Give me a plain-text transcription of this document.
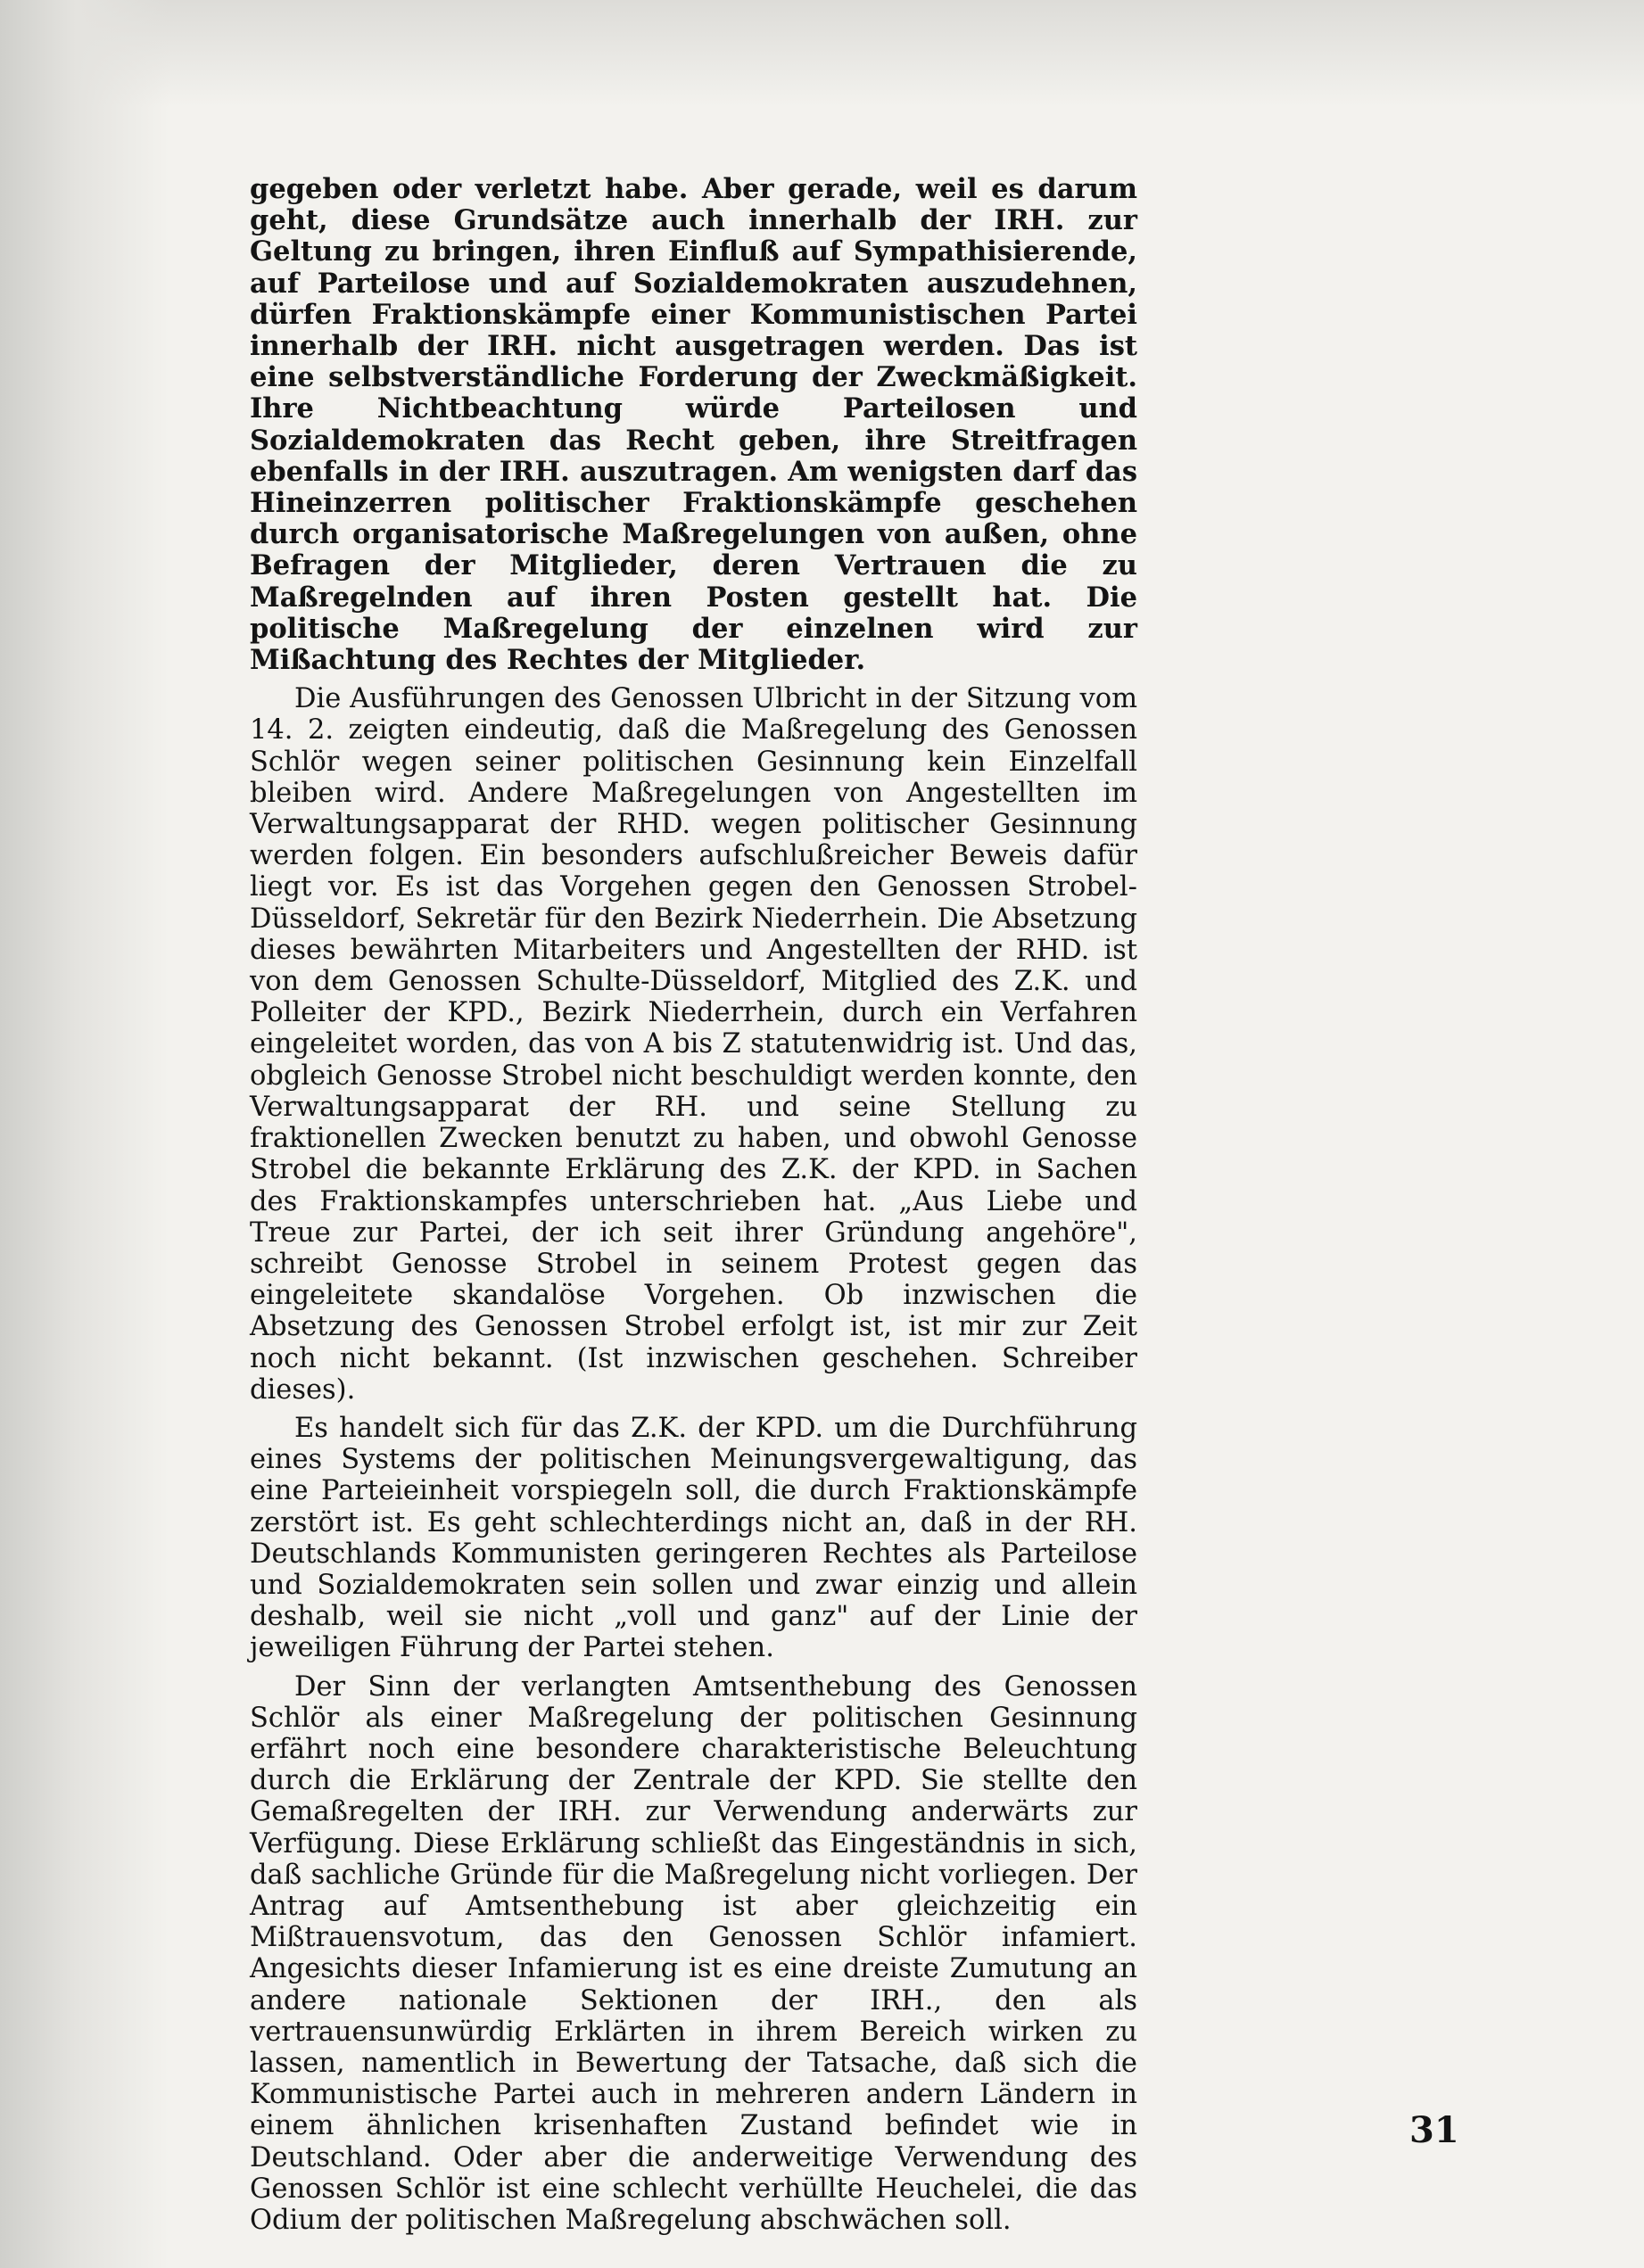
gegeben oder verletzt habe. Aber gerade, weil es darum geht, diese Grundsätze auch innerhalb der IRH. zur Geltung zu bringen, ihren Einfluß auf Sympathisierende, auf Parteilose und auf Sozialdemokraten auszudehnen, dürfen Fraktionskämpfe einer Kommunistischen Partei innerhalb der IRH. nicht ausgetragen werden. Das ist eine selbstverständliche Forderung der Zweckmäßigkeit. Ihre Nichtbeachtung würde Parteilosen und Sozialdemokraten das Recht geben, ihre Streitfragen ebenfalls in der IRH. auszutragen. Am wenigsten darf das Hineinzerren politischer Fraktionskämpfe geschehen durch organisatorische Maßregelungen von außen, ohne Befragen der Mitglieder, deren Vertrauen die zu Maßregelnden auf ihren Posten gestellt hat. Die politische Maßregelung der einzelnen wird zur Mißachtung des Rechtes der Mitglieder.

Die Ausführungen des Genossen Ulbricht in der Sitzung vom 14. 2. zeigten eindeutig, daß die Maßregelung des Genossen Schlör wegen seiner politischen Gesinnung kein Einzelfall bleiben wird. Andere Maßregelungen von Angestellten im Verwaltungsapparat der RHD. wegen politischer Gesinnung werden folgen. Ein besonders aufschlußreicher Beweis dafür liegt vor. Es ist das Vorgehen gegen den Genossen Strobel-Düsseldorf, Sekretär für den Bezirk Niederrhein. Die Absetzung dieses bewährten Mitarbeiters und Angestellten der RHD. ist von dem Genossen Schulte-Düsseldorf, Mitglied des Z.K. und Polleiter der KPD., Bezirk Niederrhein, durch ein Verfahren eingeleitet worden, das von A bis Z statutenwidrig ist. Und das, obgleich Genosse Strobel nicht beschuldigt werden konnte, den Verwaltungsapparat der RH. und seine Stellung zu fraktionellen Zwecken benutzt zu haben, und obwohl Genosse Strobel die bekannte Erklärung des Z.K. der KPD. in Sachen des Fraktionskampfes unterschrieben hat. „Aus Liebe und Treue zur Partei, der ich seit ihrer Gründung angehöre", schreibt Genosse Strobel in seinem Protest gegen das eingeleitete skandalöse Vorgehen. Ob inzwischen die Absetzung des Genossen Strobel erfolgt ist, ist mir zur Zeit noch nicht bekannt. (Ist inzwischen geschehen. Schreiber dieses).

Es handelt sich für das Z.K. der KPD. um die Durchführung eines Systems der politischen Meinungsvergewaltigung, das eine Parteieinheit vorspiegeln soll, die durch Fraktionskämpfe zerstört ist. Es geht schlechterdings nicht an, daß in der RH. Deutschlands Kommunisten geringeren Rechtes als Parteilose und Sozialdemokraten sein sollen und zwar einzig und allein deshalb, weil sie nicht „voll und ganz" auf der Linie der jeweiligen Führung der Partei stehen.

Der Sinn der verlangten Amtsenthebung des Genossen Schlör als einer Maßregelung der politischen Gesinnung erfährt noch eine besondere charakteristische Beleuchtung durch die Erklärung der Zentrale der KPD. Sie stellte den Gemaßregelten der IRH. zur Verwendung anderwärts zur Verfügung. Diese Erklärung schließt das Eingeständnis in sich, daß sachliche Gründe für die Maßregelung nicht vorliegen. Der Antrag auf Amtsenthebung ist aber gleichzeitig ein Mißtrauensvotum, das den Genossen Schlör infamiert. Angesichts dieser Infamierung ist es eine dreiste Zumutung an andere nationale Sektionen der IRH., den als vertrauensunwürdig Erklärten in ihrem Bereich wirken zu lassen, namentlich in Bewertung der Tatsache, daß sich die Kommunistische Partei auch in mehreren andern Ländern in einem ähnlichen krisenhaften Zustand befindet wie in Deutschland. Oder aber die anderweitige Verwendung des Genossen Schlör ist eine schlecht verhüllte Heuchelei, die das Odium der politischen Maßregelung abschwächen soll.

31
